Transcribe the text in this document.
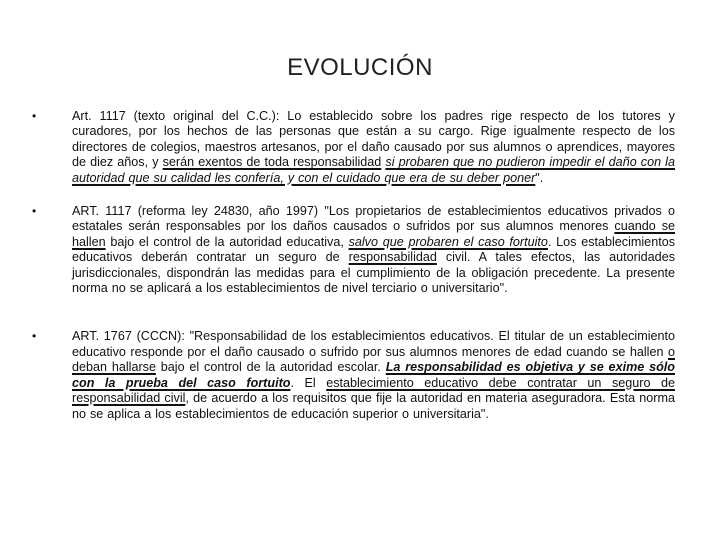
EVOLUCIÓN
•	Art. 1117 (texto original del C.C.): Lo establecido sobre los padres rige respecto de los tutores y curadores, por los hechos de las personas que están a su cargo. Rige igualmente respecto de los directores de colegios, maestros artesanos, por el daño causado por sus alumnos o aprendices, mayores de diez años, y serán exentos de toda responsabilidad si probaren que no pudieron impedir el daño con la autoridad que su calidad les confería, y con el cuidado que era de su deber poner".

•	ART. 1117 (reforma ley 24830, año 1997) "Los propietarios de establecimientos educativos privados o estatales serán responsables por los daños causados o sufridos por sus alumnos menores cuando se hallen bajo el control de la autoridad educativa, salvo que probaren el caso fortuito. Los establecimientos educativos deberán contratar un seguro de responsabilidad civil. A tales efectos, las autoridades jurisdiccionales, dispondrán las medidas para el cumplimiento de la obligación precedente. La presente norma no se aplicará a los establecimientos de nivel terciario o universitario".

•	ART. 1767 (CCCN): "Responsabilidad de los establecimientos educativos. El titular de un establecimiento educativo responde por el daño causado o sufrido por sus alumnos menores de edad cuando se hallen o deban hallarse bajo el control de la autoridad escolar. La responsabilidad es objetiva y se exime sólo con la prueba del caso fortuito. El establecimiento educativo debe contratar un seguro de responsabilidad civil, de acuerdo a los requisitos que fije la autoridad en materia aseguradora. Esta norma no se aplica a los establecimientos de educación superior o universitaria".
